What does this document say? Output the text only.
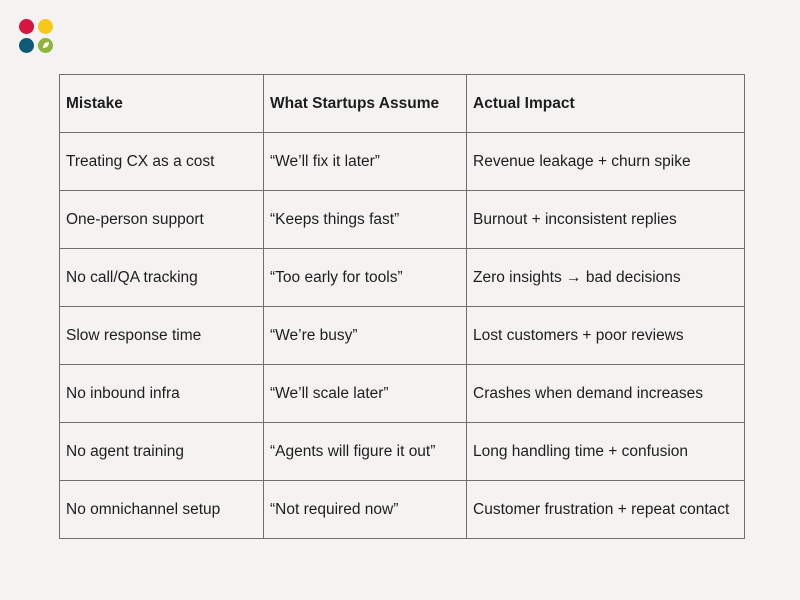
Mistake	What Startups Assume	Actual Impact
Treating CX as a cost	“We’ll fix it later”	Revenue leakage + churn spike
One-person support	“Keeps things fast”	Burnout + inconsistent replies
No call/QA tracking	“Too early for tools”	Zero insights → bad decisions
Slow response time	“We’re busy”	Lost customers + poor reviews
No inbound infra	“We’ll scale later”	Crashes when demand increases
No agent training	“Agents will figure it out”	Long handling time + confusion
No omnichannel setup	“Not required now”	Customer frustration + repeat contact
